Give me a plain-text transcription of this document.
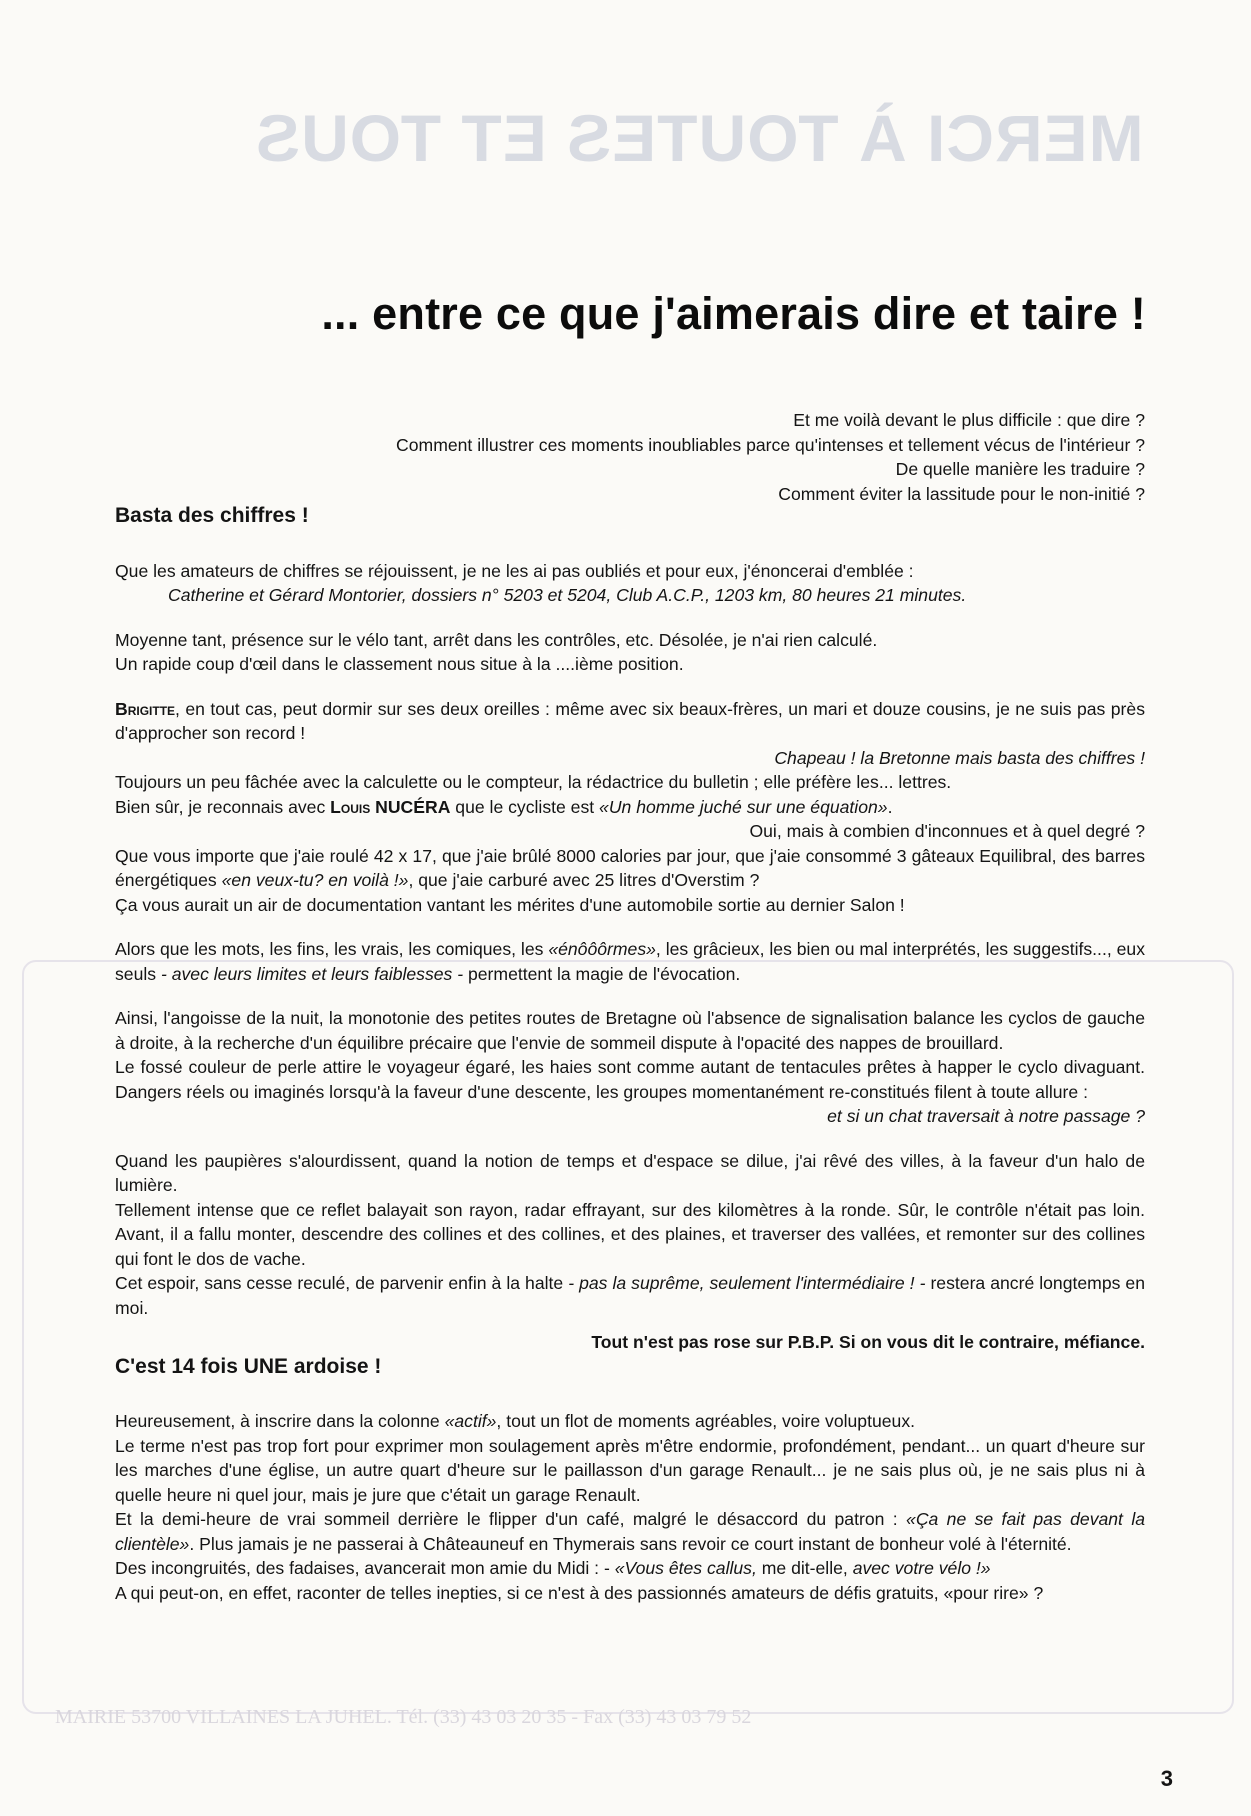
MERCI À TOUTES ET TOUS
MAIRIE 53700 VILLAINES LA JUHEL. Tél. (33) 43 03 20 35 - Fax (33) 43 03 79 52
... entre ce que j'aimerais dire et taire !

Et me voilà devant le plus difficile : que dire ?

Comment illustrer ces moments inoubliables parce qu'intenses et tellement vécus de l'intérieur ?

De quelle manière les traduire ?

Comment éviter la lassitude pour le non-initié ?

Basta des chiffres !

Que les amateurs de chiffres se réjouissent, je ne les ai pas oubliés et pour eux, j'énoncerai d'emblée :

Catherine et Gérard Montorier, dossiers n° 5203 et 5204, Club A.C.P., 1203 km, 80 heures 21 minutes.

Moyenne tant, présence sur le vélo tant, arrêt dans les contrôles, etc. Désolée, je n'ai rien calculé.

Un rapide coup d'œil dans le classement nous situe à la ....ième position.

Brigitte, en tout cas, peut dormir sur ses deux oreilles : même avec six beaux-frères, un mari et douze cousins, je ne suis pas près d'approcher son record !

Chapeau ! la Bretonne mais basta des chiffres !

Toujours un peu fâchée avec la calculette ou le compteur, la rédactrice du bulletin ; elle préfère les... lettres.

Bien sûr, je reconnais avec Louis NUCÉRA que le cycliste est «Un homme juché sur une équation».

Oui, mais à combien d'inconnues et à quel degré ?

Que vous importe que j'aie roulé 42 x 17, que j'aie brûlé 8000 calories par jour, que j'aie consommé 3 gâteaux Equilibral, des barres énergétiques «en veux-tu? en voilà !», que j'aie carburé avec 25 litres d'Overstim ?

Ça vous aurait un air de documentation vantant les mérites d'une automobile sortie au dernier Salon !

Alors que les mots, les fins, les vrais, les comiques, les «énôôôrmes», les grâcieux, les bien ou mal interprétés, les suggestifs..., eux seuls - avec leurs limites et leurs faiblesses - permettent la magie de l'évocation.

Ainsi, l'angoisse de la nuit, la monotonie des petites routes de Bretagne où l'absence de signalisation balance les cyclos de gauche à droite, à la recherche d'un équilibre précaire que l'envie de sommeil dispute à l'opacité des nappes de brouillard.

Le fossé couleur de perle attire le voyageur égaré, les haies sont comme autant de tentacules prêtes à happer le cyclo divaguant. Dangers réels ou imaginés lorsqu'à la faveur d'une descente, les groupes momentanément re-constitués filent à toute allure :

et si un chat traversait à notre passage ?

Quand les paupières s'alourdissent, quand la notion de temps et d'espace se dilue, j'ai rêvé des villes, à la faveur d'un halo de lumière.

Tellement intense que ce reflet balayait son rayon, radar effrayant, sur des kilomètres à la ronde. Sûr, le contrôle n'était pas loin. Avant, il a fallu monter, descendre des collines et des collines, et des plaines, et traverser des vallées, et remonter sur des collines qui font le dos de vache.

Cet espoir, sans cesse reculé, de parvenir enfin à la halte - pas la suprême, seulement l'intermédiaire ! - restera ancré longtemps en moi.

Tout n'est pas rose sur P.B.P. Si on vous dit le contraire, méfiance.

C'est 14 fois UNE ardoise !

Heureusement, à inscrire dans la colonne «actif», tout un flot de moments agréables, voire voluptueux.

Le terme n'est pas trop fort pour exprimer mon soulagement après m'être endormie, profondément, pendant... un quart d'heure sur les marches d'une église, un autre quart d'heure sur le paillasson d'un garage Renault... je ne sais plus où, je ne sais plus ni à quelle heure ni quel jour, mais je jure que c'était un garage Renault.

Et la demi-heure de vrai sommeil derrière le flipper d'un café, malgré le désaccord du patron : «Ça ne se fait pas devant la clientèle». Plus jamais je ne passerai à Châteauneuf en Thymerais sans revoir ce court instant de bonheur volé à l'éternité.

Des incongruités, des fadaises, avancerait mon amie du Midi : - «Vous êtes callus, me dit-elle, avec votre vélo !»

A qui peut-on, en effet, raconter de telles inepties, si ce n'est à des passionnés amateurs de défis gratuits, «pour rire» ?

3
